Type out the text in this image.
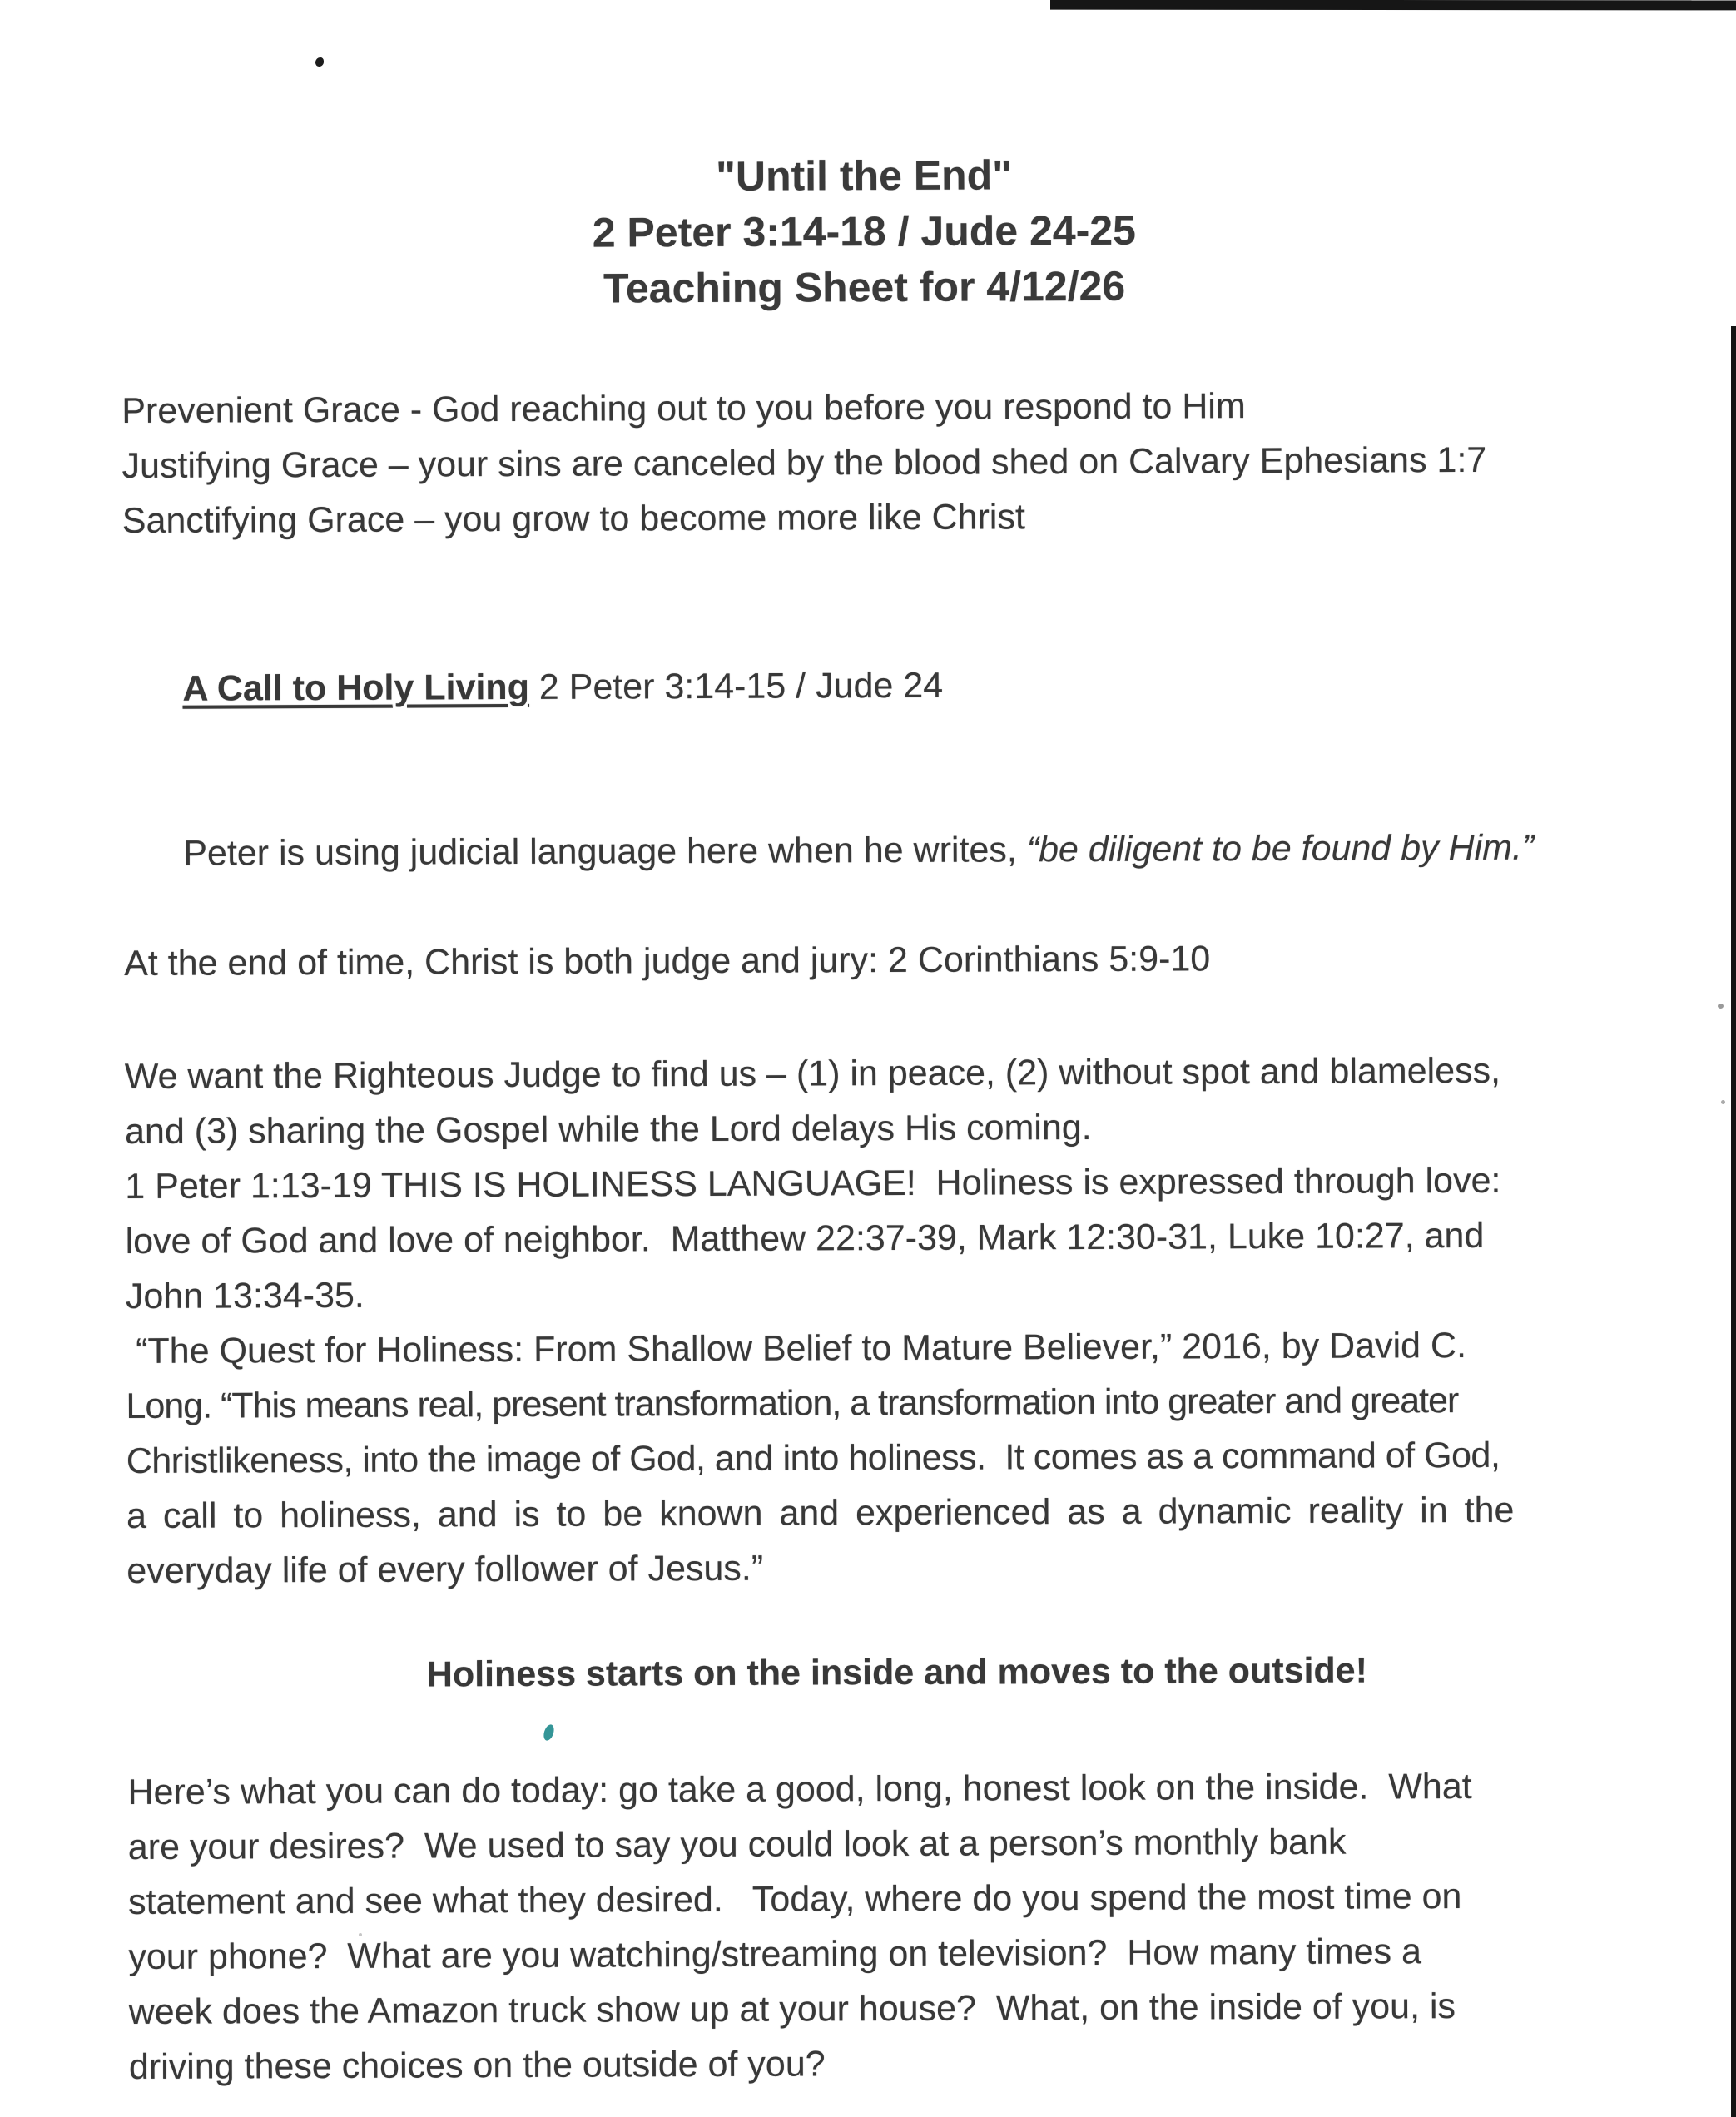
"Until the End"
2 Peter 3:14-18 / Jude 24-25
Teaching Sheet for 4/12/26
Prevenient Grace - God reaching out to you before you respond to Him
Justifying Grace – your sins are canceled by the blood shed on Calvary Ephesians 1:7
Sanctifying Grace – you grow to become more like Christ

A Call to Holy Living 2 Peter 3:14-15 / Jude 24

Peter is using judicial language here when he writes, “be diligent to be found by Him.”

At the end of time, Christ is both judge and jury: 2 Corinthians 5:9-10
We want the Righteous Judge to find us – (1) in peace, (2) without spot and blameless,
and (3) sharing the Gospel while the Lord delays His coming.
1 Peter 1:13-19 THIS IS HOLINESS LANGUAGE!  Holiness is expressed through love:
love of God and love of neighbor.  Matthew 22:37-39, Mark 12:30-31, Luke 10:27, and
John 13:34-35.
“The Quest for Holiness: From Shallow Belief to Mature Believer,” 2016, by David C.
Long. “This means real, present transformation, a transformation into greater and greater
Christlikeness, into the image of God, and into holiness.  It comes as a command of God,
a call to holiness, and is to be known and experienced as a dynamic reality in the
everyday life of every follower of Jesus.”
Holiness starts on the inside and moves to the outside!
Here’s what you can do today: go take a good, long, honest look on the inside.  What
are your desires?  We used to say you could look at a person’s monthly bank
statement and see what they desired.   Today, where do you spend the most time on
your phone?  What are you watching/streaming on television?  How many times a
week does the Amazon truck show up at your house?  What, on the inside of you, is
driving these choices on the outside of you?
